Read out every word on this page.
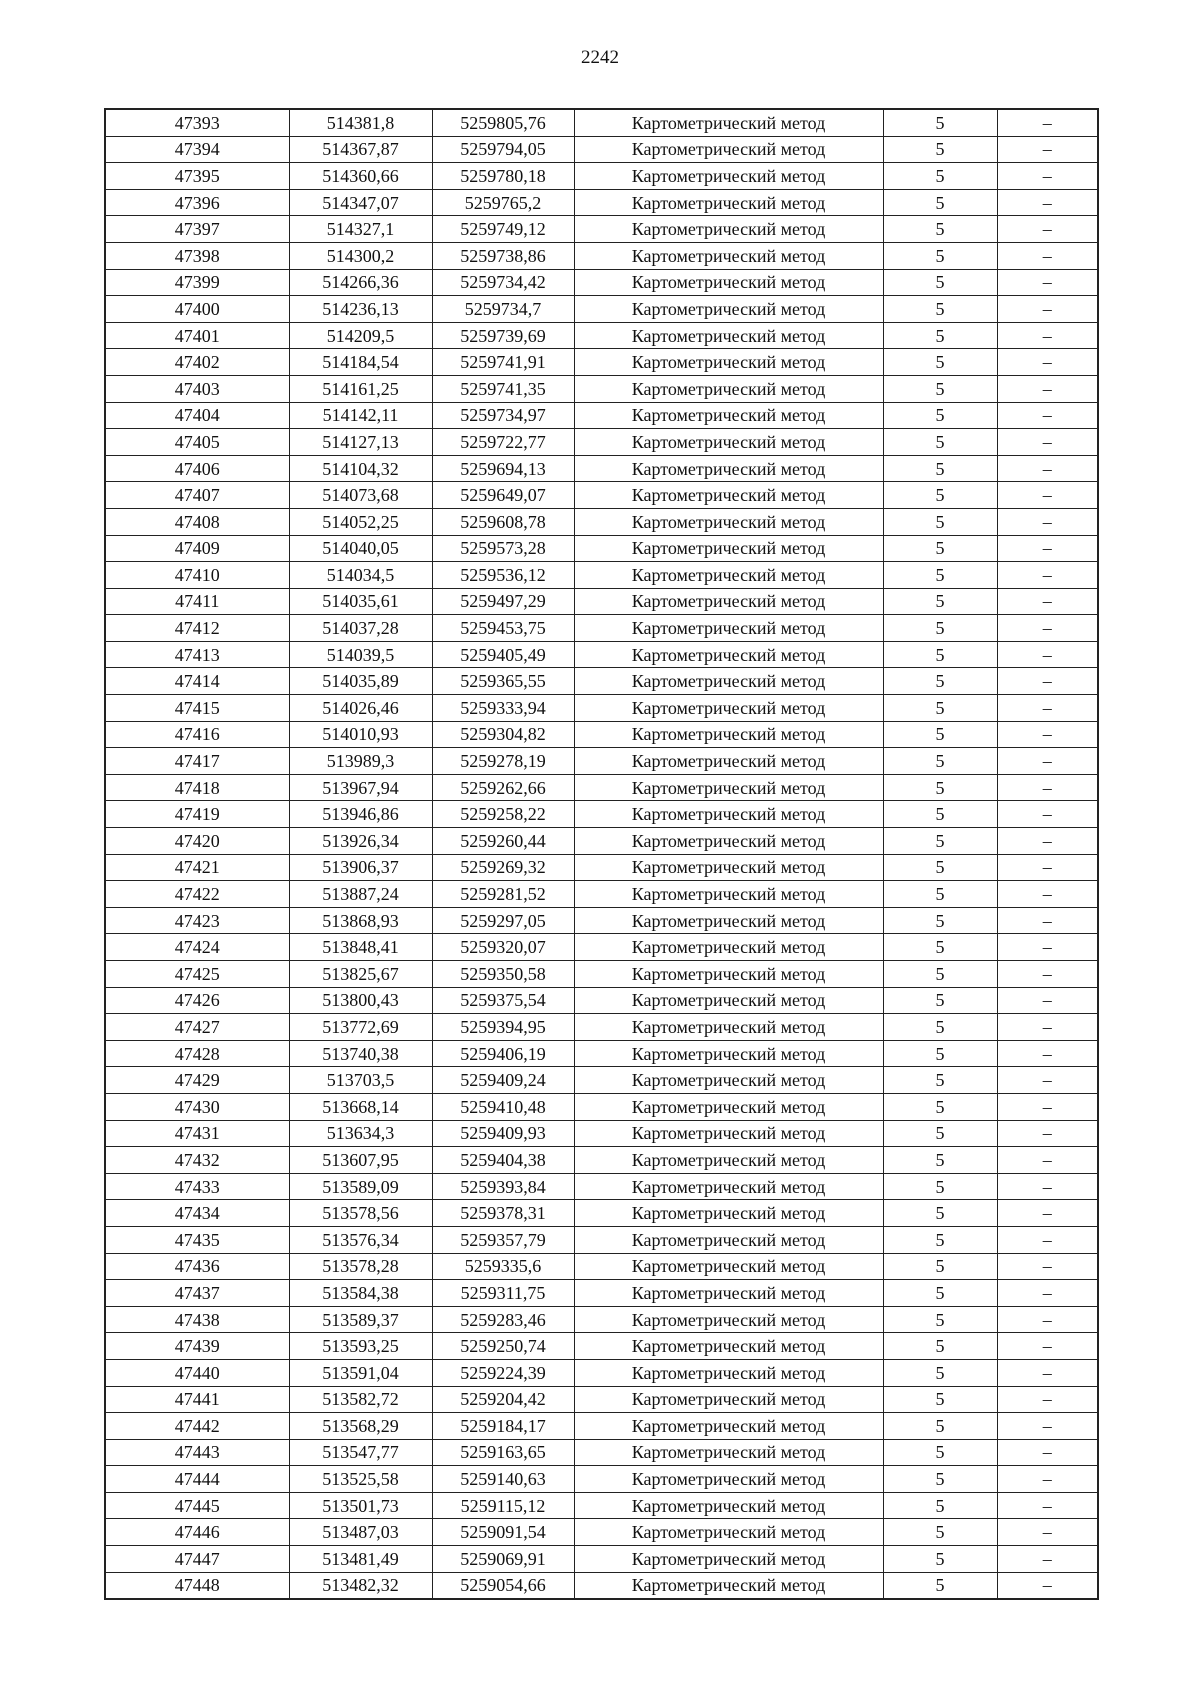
2242
47393	514381,8	5259805,76	Картометрический метод	5	–
47394	514367,87	5259794,05	Картометрический метод	5	–
47395	514360,66	5259780,18	Картометрический метод	5	–
47396	514347,07	5259765,2	Картометрический метод	5	–
47397	514327,1	5259749,12	Картометрический метод	5	–
47398	514300,2	5259738,86	Картометрический метод	5	–
47399	514266,36	5259734,42	Картометрический метод	5	–
47400	514236,13	5259734,7	Картометрический метод	5	–
47401	514209,5	5259739,69	Картометрический метод	5	–
47402	514184,54	5259741,91	Картометрический метод	5	–
47403	514161,25	5259741,35	Картометрический метод	5	–
47404	514142,11	5259734,97	Картометрический метод	5	–
47405	514127,13	5259722,77	Картометрический метод	5	–
47406	514104,32	5259694,13	Картометрический метод	5	–
47407	514073,68	5259649,07	Картометрический метод	5	–
47408	514052,25	5259608,78	Картометрический метод	5	–
47409	514040,05	5259573,28	Картометрический метод	5	–
47410	514034,5	5259536,12	Картометрический метод	5	–
47411	514035,61	5259497,29	Картометрический метод	5	–
47412	514037,28	5259453,75	Картометрический метод	5	–
47413	514039,5	5259405,49	Картометрический метод	5	–
47414	514035,89	5259365,55	Картометрический метод	5	–
47415	514026,46	5259333,94	Картометрический метод	5	–
47416	514010,93	5259304,82	Картометрический метод	5	–
47417	513989,3	5259278,19	Картометрический метод	5	–
47418	513967,94	5259262,66	Картометрический метод	5	–
47419	513946,86	5259258,22	Картометрический метод	5	–
47420	513926,34	5259260,44	Картометрический метод	5	–
47421	513906,37	5259269,32	Картометрический метод	5	–
47422	513887,24	5259281,52	Картометрический метод	5	–
47423	513868,93	5259297,05	Картометрический метод	5	–
47424	513848,41	5259320,07	Картометрический метод	5	–
47425	513825,67	5259350,58	Картометрический метод	5	–
47426	513800,43	5259375,54	Картометрический метод	5	–
47427	513772,69	5259394,95	Картометрический метод	5	–
47428	513740,38	5259406,19	Картометрический метод	5	–
47429	513703,5	5259409,24	Картометрический метод	5	–
47430	513668,14	5259410,48	Картометрический метод	5	–
47431	513634,3	5259409,93	Картометрический метод	5	–
47432	513607,95	5259404,38	Картометрический метод	5	–
47433	513589,09	5259393,84	Картометрический метод	5	–
47434	513578,56	5259378,31	Картометрический метод	5	–
47435	513576,34	5259357,79	Картометрический метод	5	–
47436	513578,28	5259335,6	Картометрический метод	5	–
47437	513584,38	5259311,75	Картометрический метод	5	–
47438	513589,37	5259283,46	Картометрический метод	5	–
47439	513593,25	5259250,74	Картометрический метод	5	–
47440	513591,04	5259224,39	Картометрический метод	5	–
47441	513582,72	5259204,42	Картометрический метод	5	–
47442	513568,29	5259184,17	Картометрический метод	5	–
47443	513547,77	5259163,65	Картометрический метод	5	–
47444	513525,58	5259140,63	Картометрический метод	5	–
47445	513501,73	5259115,12	Картометрический метод	5	–
47446	513487,03	5259091,54	Картометрический метод	5	–
47447	513481,49	5259069,91	Картометрический метод	5	–
47448	513482,32	5259054,66	Картометрический метод	5	–
